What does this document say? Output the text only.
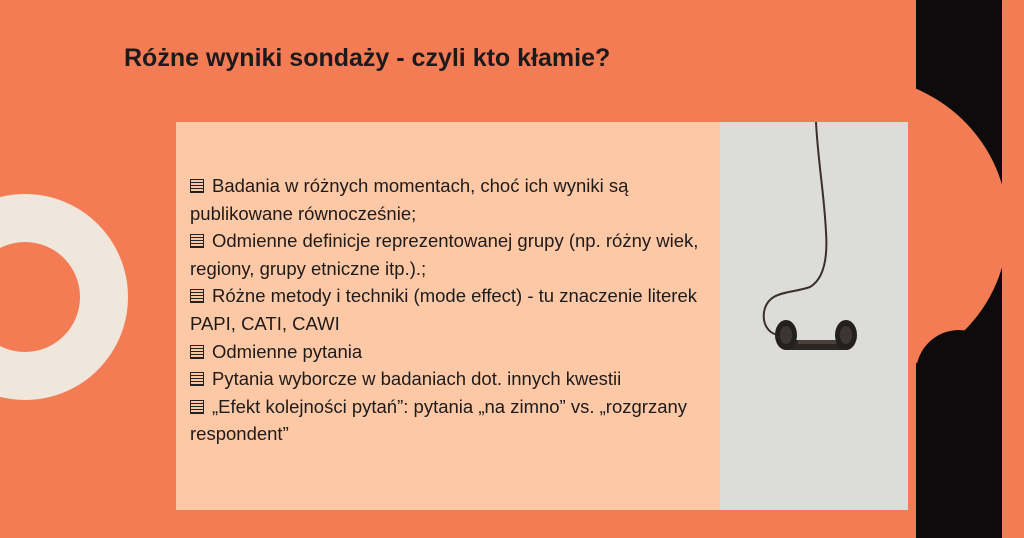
Różne wyniki sondaży - czyli kto kłamie?
Badania w różnych momentach, choć ich wyniki są publikowane równocześnie;
Odmienne definicje reprezentowanej grupy (np. różny wiek, regiony, grupy etniczne itp.).;
Różne metody i techniki (mode effect) - tu znaczenie literek PAPI, CATI, CAWI
Odmienne pytania
Pytania wyborcze w badaniach dot. innych kwestii
„Efekt kolejności pytań”: pytania „na zimno” vs. „rozgrzany respondent”
